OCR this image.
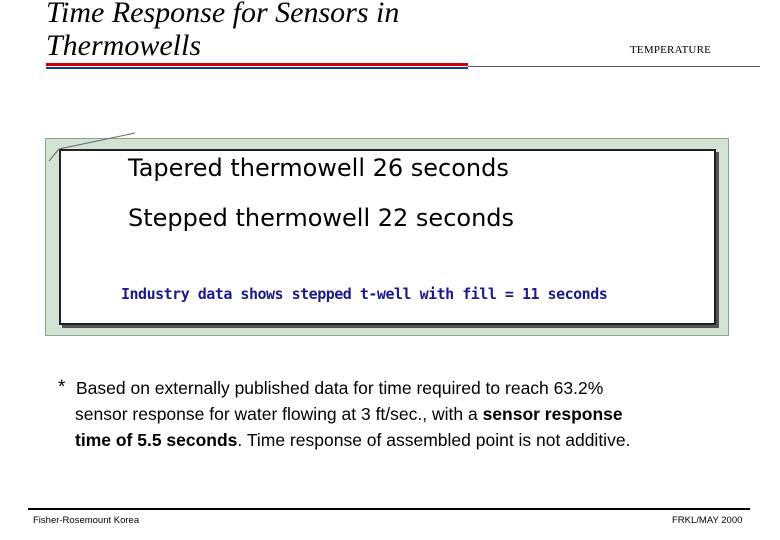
Time Response for Sensors in Thermowells	TEMPERATURE
Tapered thermowell 26 seconds
Stepped thermowell 22 seconds
Industry data shows stepped t-well with fill = 11 seconds
* Based on externally published data for time required to reach 63.2%
sensor response for water flowing at 3 ft/sec., with a sensor response
time of 5.5 seconds. Time response of assembled point is not additive.
Fisher-Rosemount Korea	FRKL/MAY 2000
